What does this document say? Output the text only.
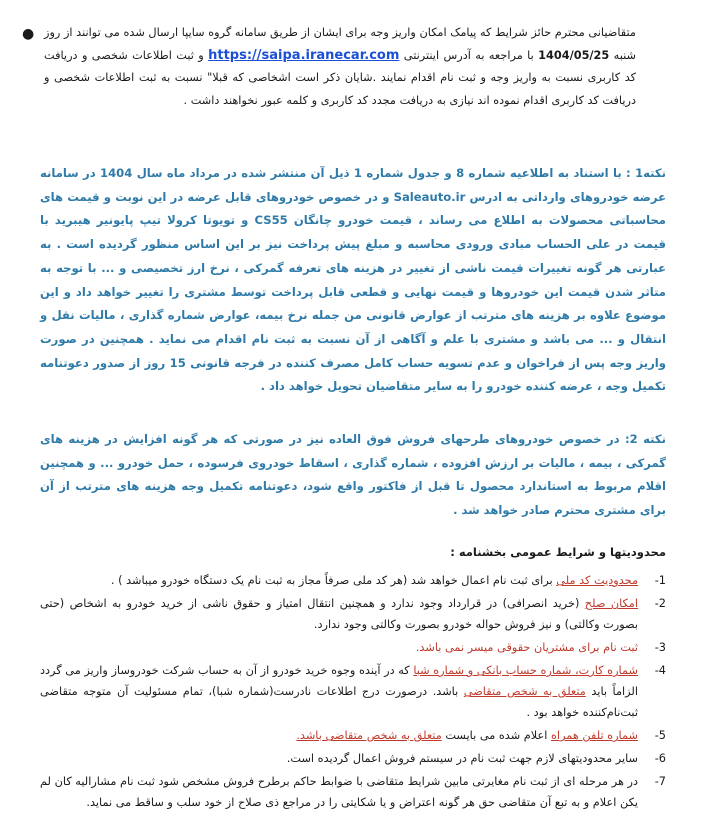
● متقاضیانی محترم حائز شرایط که پیامک امکان واریز وجه برای ایشان از طریق سامانه گروه سایپا ارسال شده می توانند از روز شنبه 1404/05/25 با مراجعه به آدرس اینترنتی https://saipa.iranecar.com و ثبت اطلاعات شخصی و دریافت کد کاربری نسبت به واریز وجه و ثبت نام اقدام نمایند .شایان ذکر است اشخاصی که قبلا" نسبت به ثبت اطلاعات شخصی و دریافت کد کاربری اقدام نموده اند نیازی به دریافت مجدد کد کاربری و کلمه عبور نخواهند داشت .
نکته1 : با استناد به اطلاعیه شماره 8 و جدول شماره 1 ذیل آن منتشر شده در مرداد ماه سال 1404 در سامانه عرضه خودروهای وارداتی به ادرس Saleauto.ir و در خصوص خودروهای قابل عرضه در این نوبت و قیمت های محاسباتی محصولات به اطلاع می رساند ، قیمت خودرو چانگان CS55 و تویوتا کرولا تیپ پایونیر هیبرید با قیمت در علی الحساب مبادی ورودی محاسبه و مبلغ پیش پرداخت نیز بر این اساس منظور گردیده است . به عبارتی هر گونه تغییرات قیمت ناشی از تغییر در هزینه های تعرفه گمرکی ، نرخ ارز تخصیصی و ... با توجه به متاثر شدن قیمت این خودروها و قیمت نهایی و قطعی قابل پرداخت توسط مشتری را تغییر خواهد داد و این موضوع علاوه بر هزینه های مترتب از عوارض قانونی من جمله نرخ بیمه، عوارض شماره گذاری ، مالیات نقل و انتقال و ... می باشد و مشتری با علم و آگاهی از آن نسبت به ثبت نام اقدام می نماید . همچنین در صورت واریز وجه پس از فراخوان و عدم تسویه حساب کامل مصرف کننده در فرجه قانونی 15 روز از صدور دعوتنامه تکمیل وجه ، عرضه کننده خودرو را به سایر متقاضیان تحویل خواهد داد .
نکته 2: در خصوص خودروهای طرحهای فروش فوق العاده نیز در صورتی که هر گونه افزایش در هزینه های گمرکی ، بیمه ، مالیات بر ارزش افزوده ، شماره گذاری ، اسقاط خودروی فرسوده ، حمل خودرو ... و همچنین اقلام مربوط به استاندارد محصول تا قبل از فاکتور واقع شود، دعوتنامه تکمیل وجه هزینه های مترتب از آن برای مشتری محترم صادر خواهد شد .
محدودیتها و شرایط عمومی بخشنامه :
-1
محدودیت کد ملی برای ثبت نام اعمال خواهد شد (هر کد ملی صرفاً مجاز به ثبت نام یک دستگاه خودرو میباشد ) .
-2
امکان صلح (خرید انصرافی) در قرارداد وجود ندارد و همچنین انتقال امتیاز و حقوق ناشی از خرید خودرو به اشخاص (حتی بصورت وکالتی) و نیز فروش حواله خودرو بصورت وکالتی وجود ندارد.
-3
ثبت نام برای مشتریان حقوقی میسر نمی باشد.
-4
شماره کارت، شماره حساب بانکی و شماره شبا که در آینده وجوه خرید خودرو از آن به حساب شرکت خودروساز واریز می گردد الزاماً باید متعلق به شخص متقاضی باشد. درصورت درج اطلاعات نادرست(شماره شبا)، تمام مسئولیت آن متوجه متقاضی ثبت‌نام‌کننده خواهد بود .
-5
شماره تلفن همراه اعلام شده می بایست متعلق به شخص متقاضی باشد.
-6
سایر محدودیتهای لازم جهت ثبت نام در سیستم فروش اعمال گردیده است.
-7
در هر مرحله ای از ثبت نام مغایرتی مابین شرایط متقاضی با ضوابط حاکم برطرح فروش مشخص شود ثبت نام مشارالیه کان لم یکن اعلام و به تبع آن متقاضی حق هر گونه اعتراض و یا شکایتی را در مراجع ذی صلاح از خود سلب و ساقط می نماید.
